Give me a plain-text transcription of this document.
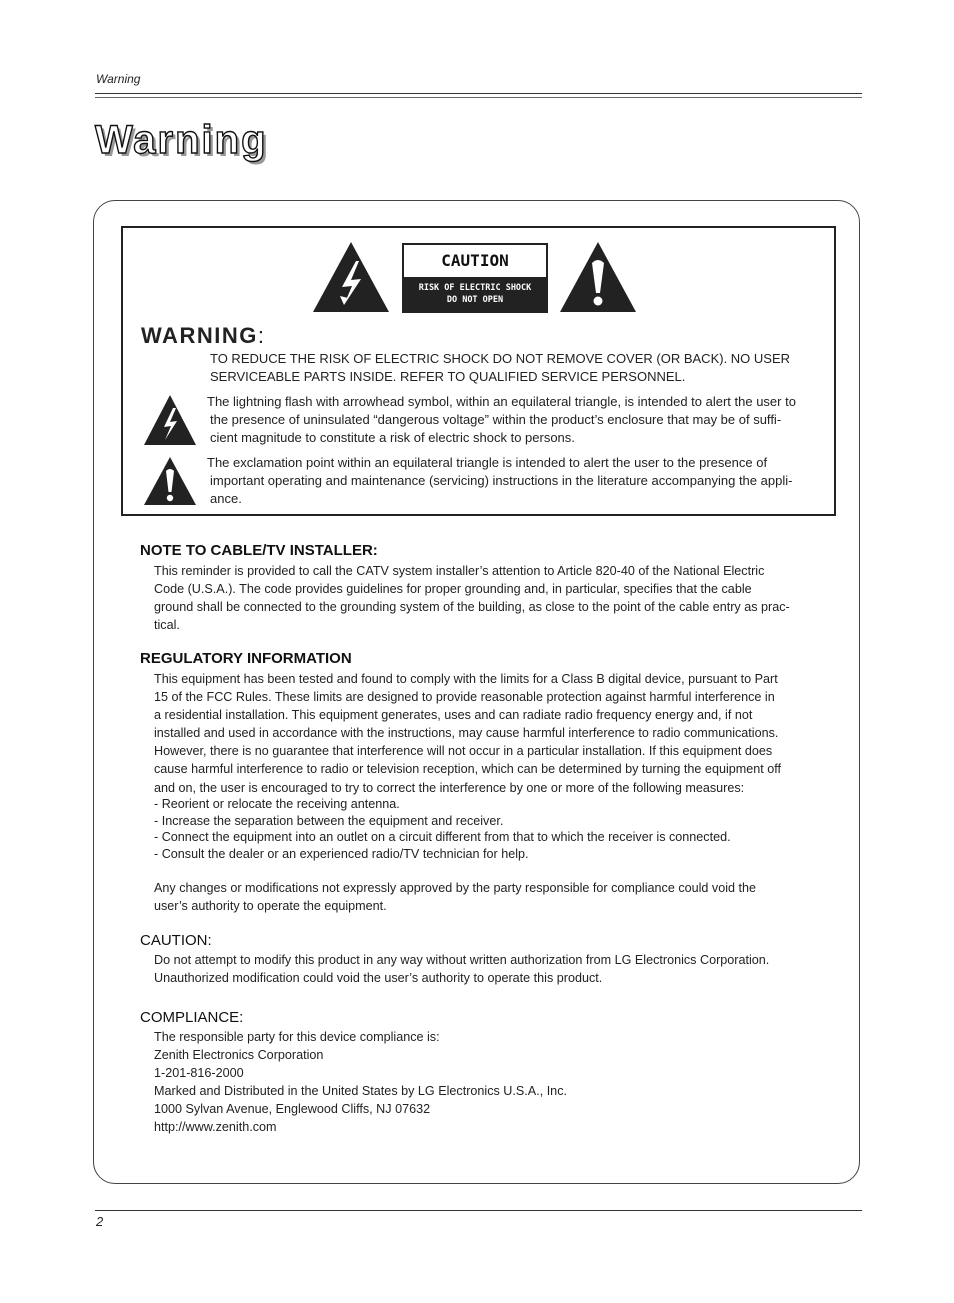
Warning
Warning
CAUTION
RISK OF ELECTRIC SHOCK
DO NOT OPEN
WARNING:
TO REDUCE THE RISK OF ELECTRIC SHOCK DO NOT REMOVE COVER (OR BACK). NO USER
SERVICEABLE PARTS INSIDE. REFER TO QUALIFIED SERVICE PERSONNEL.
The lightning flash with arrowhead symbol, within an equilateral triangle, is intended to alert the user to
the presence of uninsulated “dangerous voltage” within the product’s enclosure that may be of suffi-
cient magnitude to constitute a risk of electric shock to persons.
The exclamation point within an equilateral triangle is intended to alert the user to the presence of
important operating and maintenance (servicing) instructions in the literature accompanying the appli-
ance.
NOTE TO CABLE/TV INSTALLER:
This reminder is provided to call the CATV system installer’s attention to Article 820-40 of the National Electric
Code (U.S.A.). The code provides guidelines for proper grounding and, in particular, specifies that the cable
ground shall be connected to the grounding system of the building, as close to the point of the cable entry as prac-
tical.
REGULATORY INFORMATION
This equipment has been tested and found to comply with the limits for a Class B digital device, pursuant to Part
15 of the FCC Rules. These limits are designed to provide reasonable protection against harmful interference in
a residential installation. This equipment generates, uses and can radiate radio frequency energy and, if not
installed and used in accordance with the instructions, may cause harmful interference to radio communications.
However, there is no guarantee that interference will not occur in a particular installation. If this equipment does
cause harmful interference to radio or television reception, which can be determined by turning the equipment off
and on, the user is encouraged to try to correct the interference by one or more of the following measures:
- Reorient or relocate the receiving antenna.
- Increase the separation between the equipment and receiver.
- Connect the equipment into an outlet on a circuit different from that to which the receiver is connected.
- Consult the dealer or an experienced radio/TV technician for help.
Any changes or modifications not expressly approved by the party responsible for compliance could void the
user’s authority to operate the equipment.
CAUTION:
Do not attempt to modify this product in any way without written authorization from LG Electronics Corporation.
Unauthorized modification could void the user’s authority to operate this product.
COMPLIANCE:
The responsible party for this device compliance is:
Zenith Electronics Corporation
1-201-816-2000
Marked and Distributed in the United States by LG Electronics U.S.A., Inc.
1000 Sylvan Avenue, Englewood Cliffs, NJ 07632
http://www.zenith.com
2
